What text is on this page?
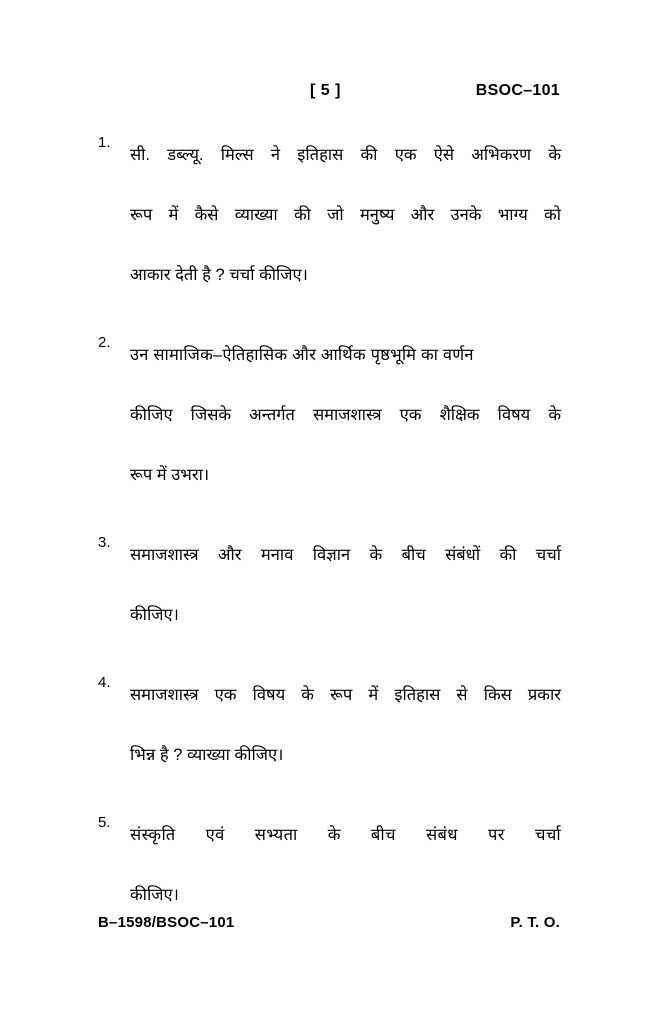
[ 5 ]	BSOC–101
1.
सी. डब्ल्यू. मिल्स ने इतिहास की एक ऐसे अभिकरण के
रूप में कैसे व्याख्या की जो मनुष्य और उनके भाग्य को
आकार देती है ? चर्चा कीजिए।
2.
उन सामाजिक–ऐतिहासिक और आर्थिक पृष्ठभूमि का वर्णन
कीजिए जिसके अन्तर्गत समाजशास्त्र एक शैक्षिक विषय के
रूप में उभरा।
3.
समाजशास्त्र और मनाव विज्ञान के बीच संबंधों की चर्चा
कीजिए।
4.
समाजशास्त्र एक विषय के रूप में इतिहास से किस प्रकार
भिन्न है ? व्याख्या कीजिए।
5.
संस्कृति एवं सभ्यता के बीच संबंध पर चर्चा
कीजिए।
B–1598/BSOC–101	P. T. O.
